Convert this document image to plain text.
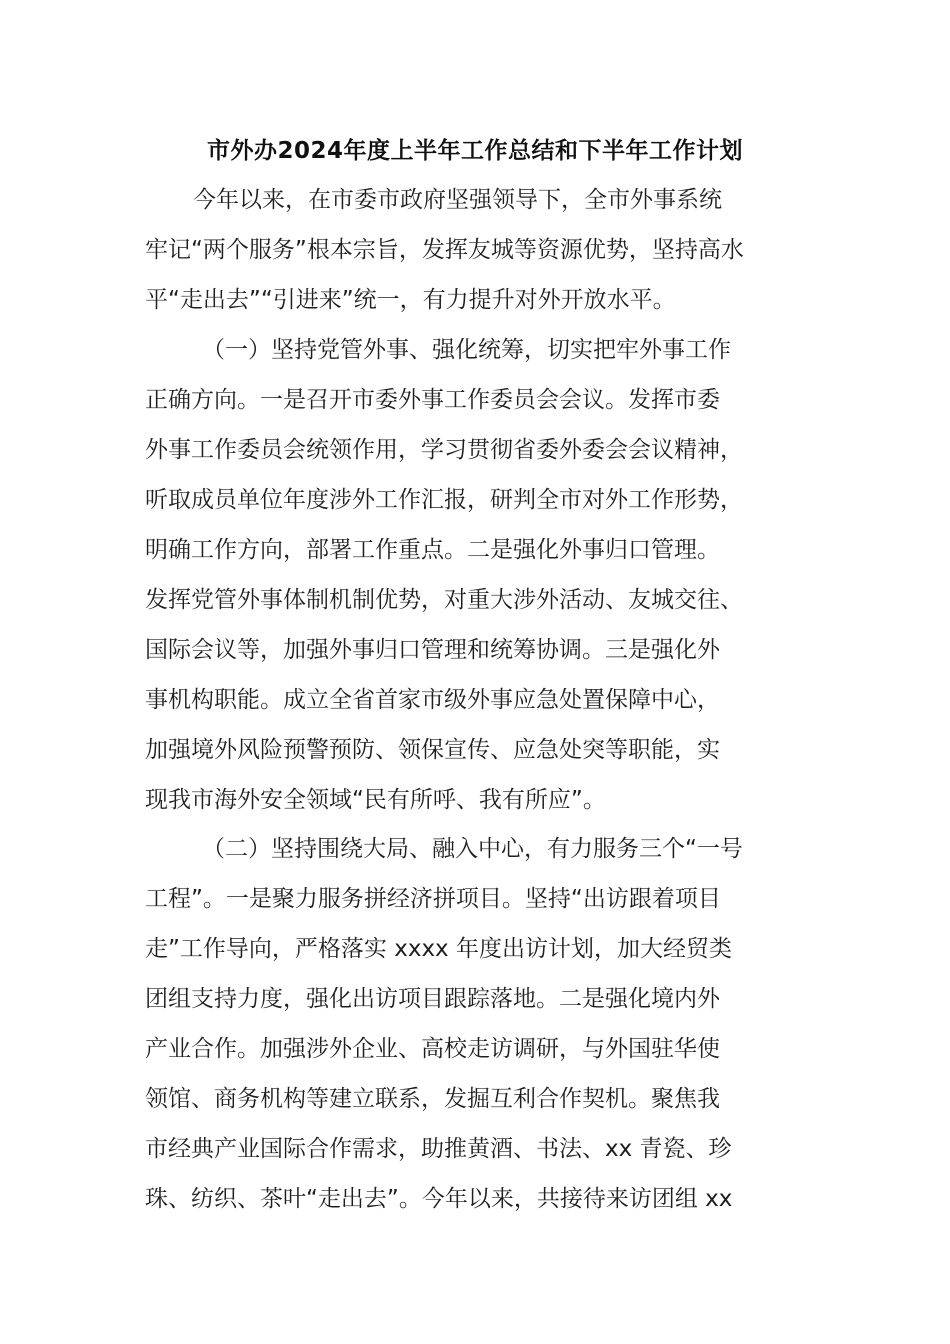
市外办2024年度上半年工作总结和下半年工作计划
今年以来，在市委市政府坚强领导下，全市外事系统
牢记“两个服务”根本宗旨，发挥友城等资源优势，坚持高水
平“走出去”“引进来”统一，有力提升对外开放水平。
（一）坚持党管外事、强化统筹，切实把牢外事工作
正确方向。一是召开市委外事工作委员会会议。发挥市委
外事工作委员会统领作用，学习贯彻省委外委会会议精神，
听取成员单位年度涉外工作汇报，研判全市对外工作形势，
明确工作方向，部署工作重点。二是强化外事归口管理。
发挥党管外事体制机制优势，对重大涉外活动、友城交往、
国际会议等，加强外事归口管理和统筹协调。三是强化外
事机构职能。成立全省首家市级外事应急处置保障中心，
加强境外风险预警预防、领保宣传、应急处突等职能，实
现我市海外安全领域“民有所呼、我有所应”。
（二）坚持围绕大局、融入中心，有力服务三个“一号
工程”。一是聚力服务拼经济拼项目。坚持“出访跟着项目
走”工作导向，严格落实 xxxx 年度出访计划，加大经贸类
团组支持力度，强化出访项目跟踪落地。二是强化境内外
产业合作。加强涉外企业、高校走访调研，与外国驻华使
领馆、商务机构等建立联系，发掘互利合作契机。聚焦我
市经典产业国际合作需求，助推黄酒、书法、xx 青瓷、珍
珠、纺织、茶叶“走出去”。今年以来，共接待来访团组 xx
